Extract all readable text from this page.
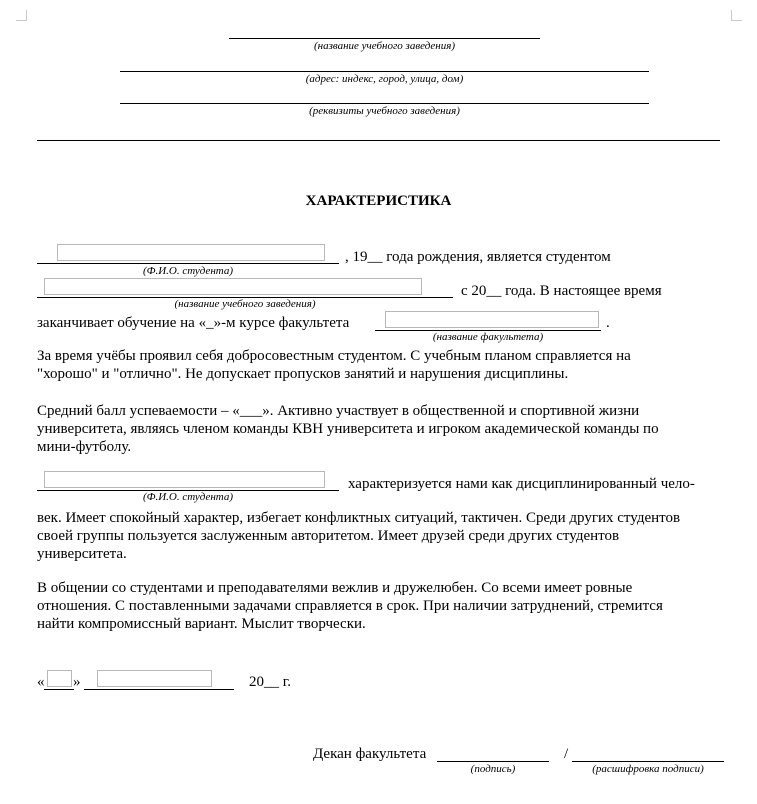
(название учебного заведения)
(адрес: индекс, город, улица, дом)
(реквизиты учебного заведения)
ХАРАКТЕРИСТИКА
, 19__ года рождения, является студентом
(Ф.И.О. студента)
с 20__ года. В настоящее время
(название учебного заведения)
заканчивает обучение на «_»-м курсе факультета	.
(название факультета)
За время учёбы проявил себя добросовестным студентом. С учебным планом справляется на
"хорошо" и "отлично". Не допускает пропусков занятий и нарушения дисциплины.
Средний балл успеваемости – «___». Активно участвует в общественной и спортивной жизни
университета, являясь членом команды КВН университета и игроком академической команды по
мини-футболу.
характеризуется нами как дисциплинированный чело-
(Ф.И.О. студента)
век. Имеет спокойный характер, избегает конфликтных ситуаций, тактичен. Среди других студентов
своей группы пользуется заслуженным авторитетом. Имеет друзей среди других студентов
университета.
В общении со студентами и преподавателями вежлив и дружелюбен. Со всеми имеет ровные
отношения. С поставленными задачами справляется в срок. При наличии затруднений, стремится
найти компромиссный вариант. Мыслит творчески.
« »	20__ г.
Декан факультета	/
(подпись)	(расшифровка подписи)
